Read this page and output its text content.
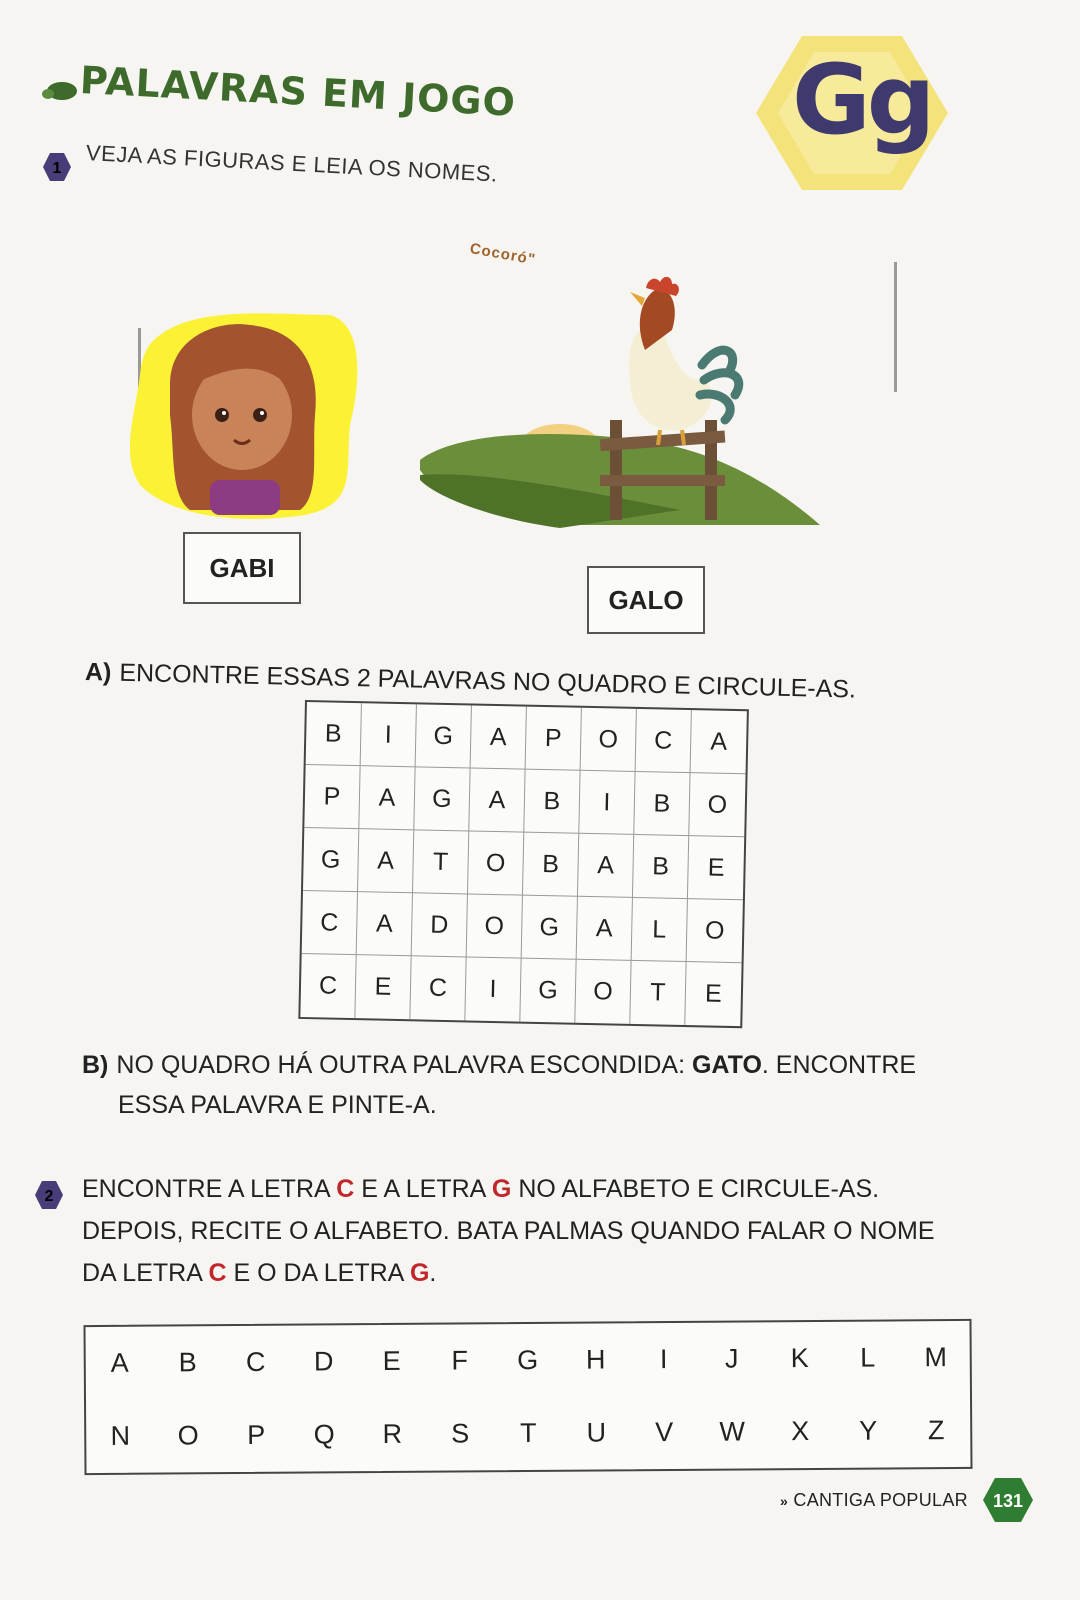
PALAVRAS EM JOGO	Gg
1 VEJA AS FIGURAS E LEIA OS NOMES.
Cocoró"
GABI
GALO
A) ENCONTRE ESSAS 2 PALAVRAS NO QUADRO E CIRCULE-AS.
B	I	G	A	P	O	C	A
P	A	G	A	B	I	B	O
G	A	T	O	B	A	B	E
C	A	D	O	G	A	L	O
C	E	C	I	G	O	T	E
B) NO QUADRO HÁ OUTRA PALAVRA ESCONDIDA: GATO. ENCONTRE
ESSA PALAVRA E PINTE-A.
2 ENCONTRE A LETRA C E A LETRA G NO ALFABETO E CIRCULE-AS.
DEPOIS, RECITE O ALFABETO. BATA PALMAS QUANDO FALAR O NOME
DA LETRA C E O DA LETRA G.
A	B	C	D	E	F	G	H	I	J	K	L	M
N	O	P	Q	R	S	T	U	V	W	X	Y	Z
» CANTIGA POPULAR 131
